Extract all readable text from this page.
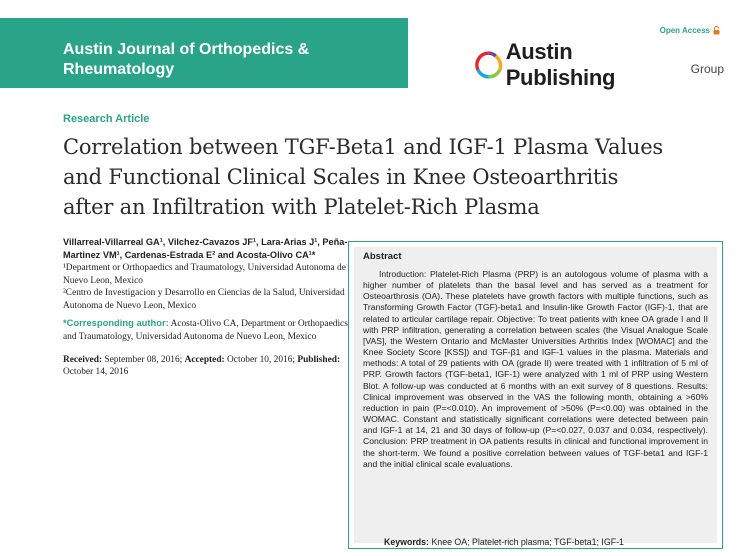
Austin Journal of Orthopedics &
Rheumatology
Open Access
Austin Publishing	Group
Research Article
Correlation between TGF-Beta1 and IGF-1 Plasma Values
and Functional Clinical Scales in Knee Osteoarthritis
after an Infiltration with Platelet-Rich Plasma
Villarreal-Villarreal GA¹, Vilchez-Cavazos JF¹, Lara-Arias J¹, Peña-Martinez VM¹, Cardenas-Estrada E² and Acosta-Olivo CA¹*
¹Department or Orthopaedics and Traumatology, Universidad Autonoma de Nuevo Leon, Mexico
²Centro de Investigacion y Desarrollo en Ciencias de la Salud, Universidad Autonoma de Nuevo Leon, Mexico
*Corresponding author: Acosta-Olivo CA, Department or Orthopaedics and Traumatology, Universidad Autonoma de Nuevo Leon, Mexico
Received: September 08, 2016; Accepted: October 10, 2016; Published: October 14, 2016
Abstract
Introduction: Platelet-Rich Plasma (PRP) is an autologous volume of plasma with a higher number of platelets than the basal level and has served as a treatment for Osteoarthrosis (OA). These platelets have growth factors with multiple functions, such as Transforming Growth Factor (TGF)-beta1 and Insulin-like Growth Factor (IGF)-1, that are related to articular cartilage repair. Objective: To treat patients with knee OA grade I and II with PRP infiltration, generating a correlation between scales (the Visual Analogue Scale [VAS], the Western Ontario and McMaster Universities Arthritis Index [WOMAC] and the Knee Society Score [KSS]) and TGF-β1 and IGF-1 values in the plasma. Materials and methods: A total of 29 patients with OA (grade II) were treated with 1 infiltration of 5 ml of PRP. Growth factors (TGF-beta1, IGF-1) were analyzed with 1 ml of PRP using Western Blot. A follow-up was conducted at 6 months with an exit survey of 8 questions. Results: Clinical improvement was observed in the VAS the following month, obtaining a >60% reduction in pain (P=<0.010). An improvement of >50% (P=<0.00) was obtained in the WOMAC. Constant and statistically significant correlations were detected between pain and IGF-1 at 14, 21 and 30 days of follow-up (P=<0.027, 0.037 and 0.034, respectively). Conclusion: PRP treatment in OA patients results in clinical and functional improvement in the short-term. We found a positive correlation between values of TGF-beta1 and IGF-1 and the initial clinical scale evaluations.
Keywords: Knee OA; Platelet-rich plasma; TGF-beta1; IGF-1
